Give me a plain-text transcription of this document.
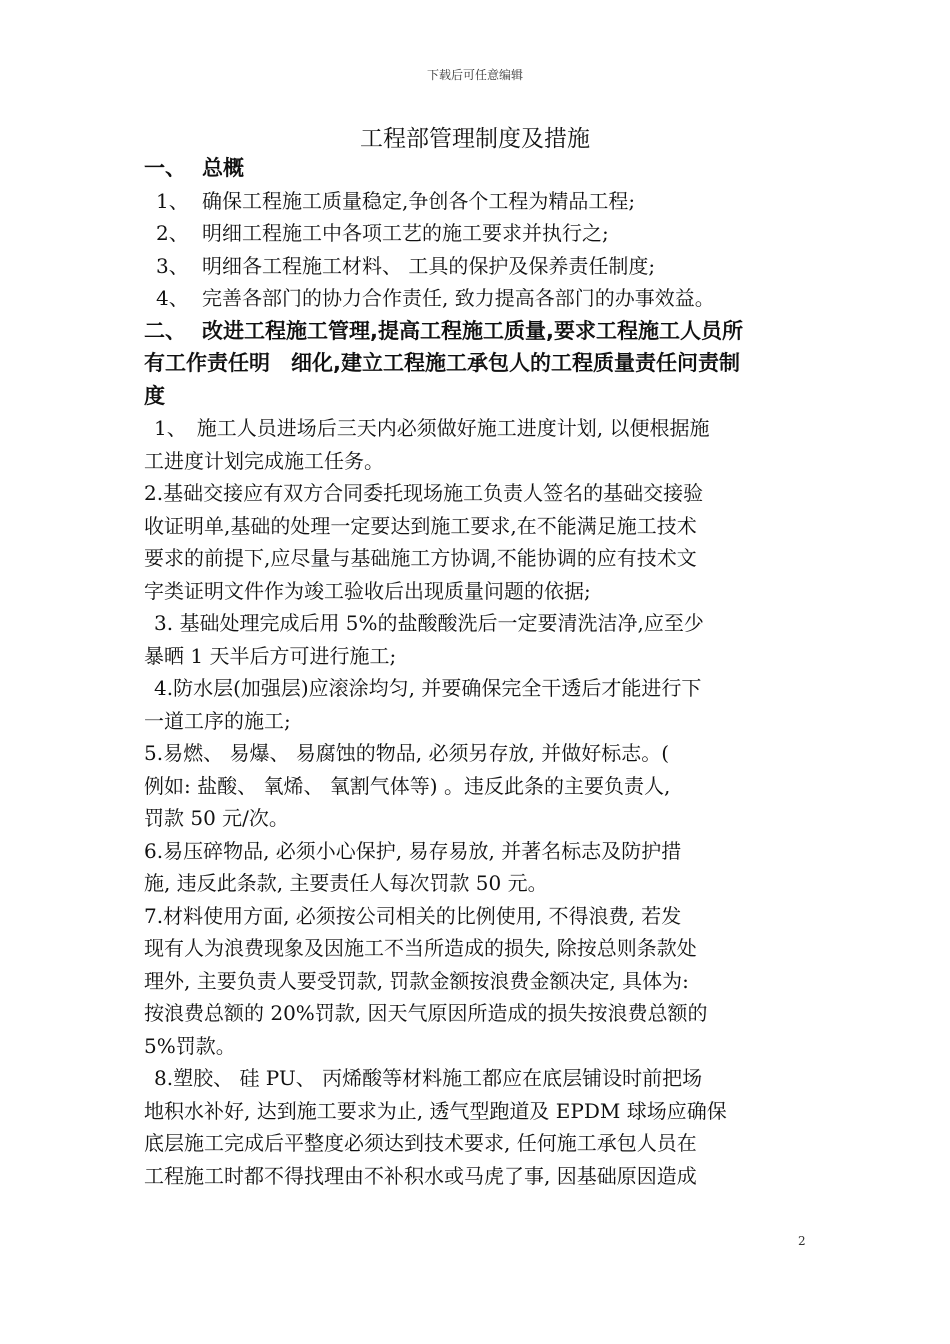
下载后可任意编辑
工程部管理制度及措施

一、 总概

1、 确保工程施工质量稳定,争创各个工程为精品工程;

2、 明细工程施工中各项工艺的施工要求并执行之;

3、 明细各工程施工材料、 工具的保护及保养责任制度;

4、 完善各部门的协力合作责任, 致力提高各部门的办事效益。

二、 改进工程施工管理,提高工程施工质量,要求工程施工人员所
有工作责任明　细化,建立工程施工承包人的工程质量责任问责制
度

1、　施工人员进场后三天内必须做好施工进度计划, 以便根据施
工进度计划完成施工任务。

2.基础交接应有双方合同委托现场施工负责人签名的基础交接验
收证明单,基础的处理一定要达到施工要求,在不能满足施工技术
要求的前提下,应尽量与基础施工方协调,不能协调的应有技术文
字类证明文件作为竣工验收后出现质量问题的依据;

3. 基础处理完成后用 5%的盐酸酸洗后一定要清洗洁净,应至少
暴晒 1 天半后方可进行施工;

4.防水层(加强层)应滚涂均匀, 并要确保完全干透后才能进行下
一道工序的施工;

5.易燃、 易爆、 易腐蚀的物品, 必须另存放, 并做好标志。(
例如: 盐酸、 氧烯、 氧割气体等) 。违反此条的主要负责人,
罚款 50 元/次。

6.易压碎物品, 必须小心保护, 易存易放, 并著名标志及防护措
施, 违反此条款, 主要责任人每次罚款 50 元。

7.材料使用方面, 必须按公司相关的比例使用, 不得浪费, 若发
现有人为浪费现象及因施工不当所造成的损失, 除按总则条款处
理外, 主要负责人要受罚款, 罚款金额按浪费金额决定, 具体为:
按浪费总额的 20%罚款, 因天气原因所造成的损失按浪费总额的
5%罚款。

8.塑胶、 硅 PU、 丙烯酸等材料施工都应在底层铺设时前把场
地积水补好, 达到施工要求为止, 透气型跑道及 EPDM 球场应确保
底层施工完成后平整度必须达到技术要求, 任何施工承包人员在
工程施工时都不得找理由不补积水或马虎了事, 因基础原因造成

2
